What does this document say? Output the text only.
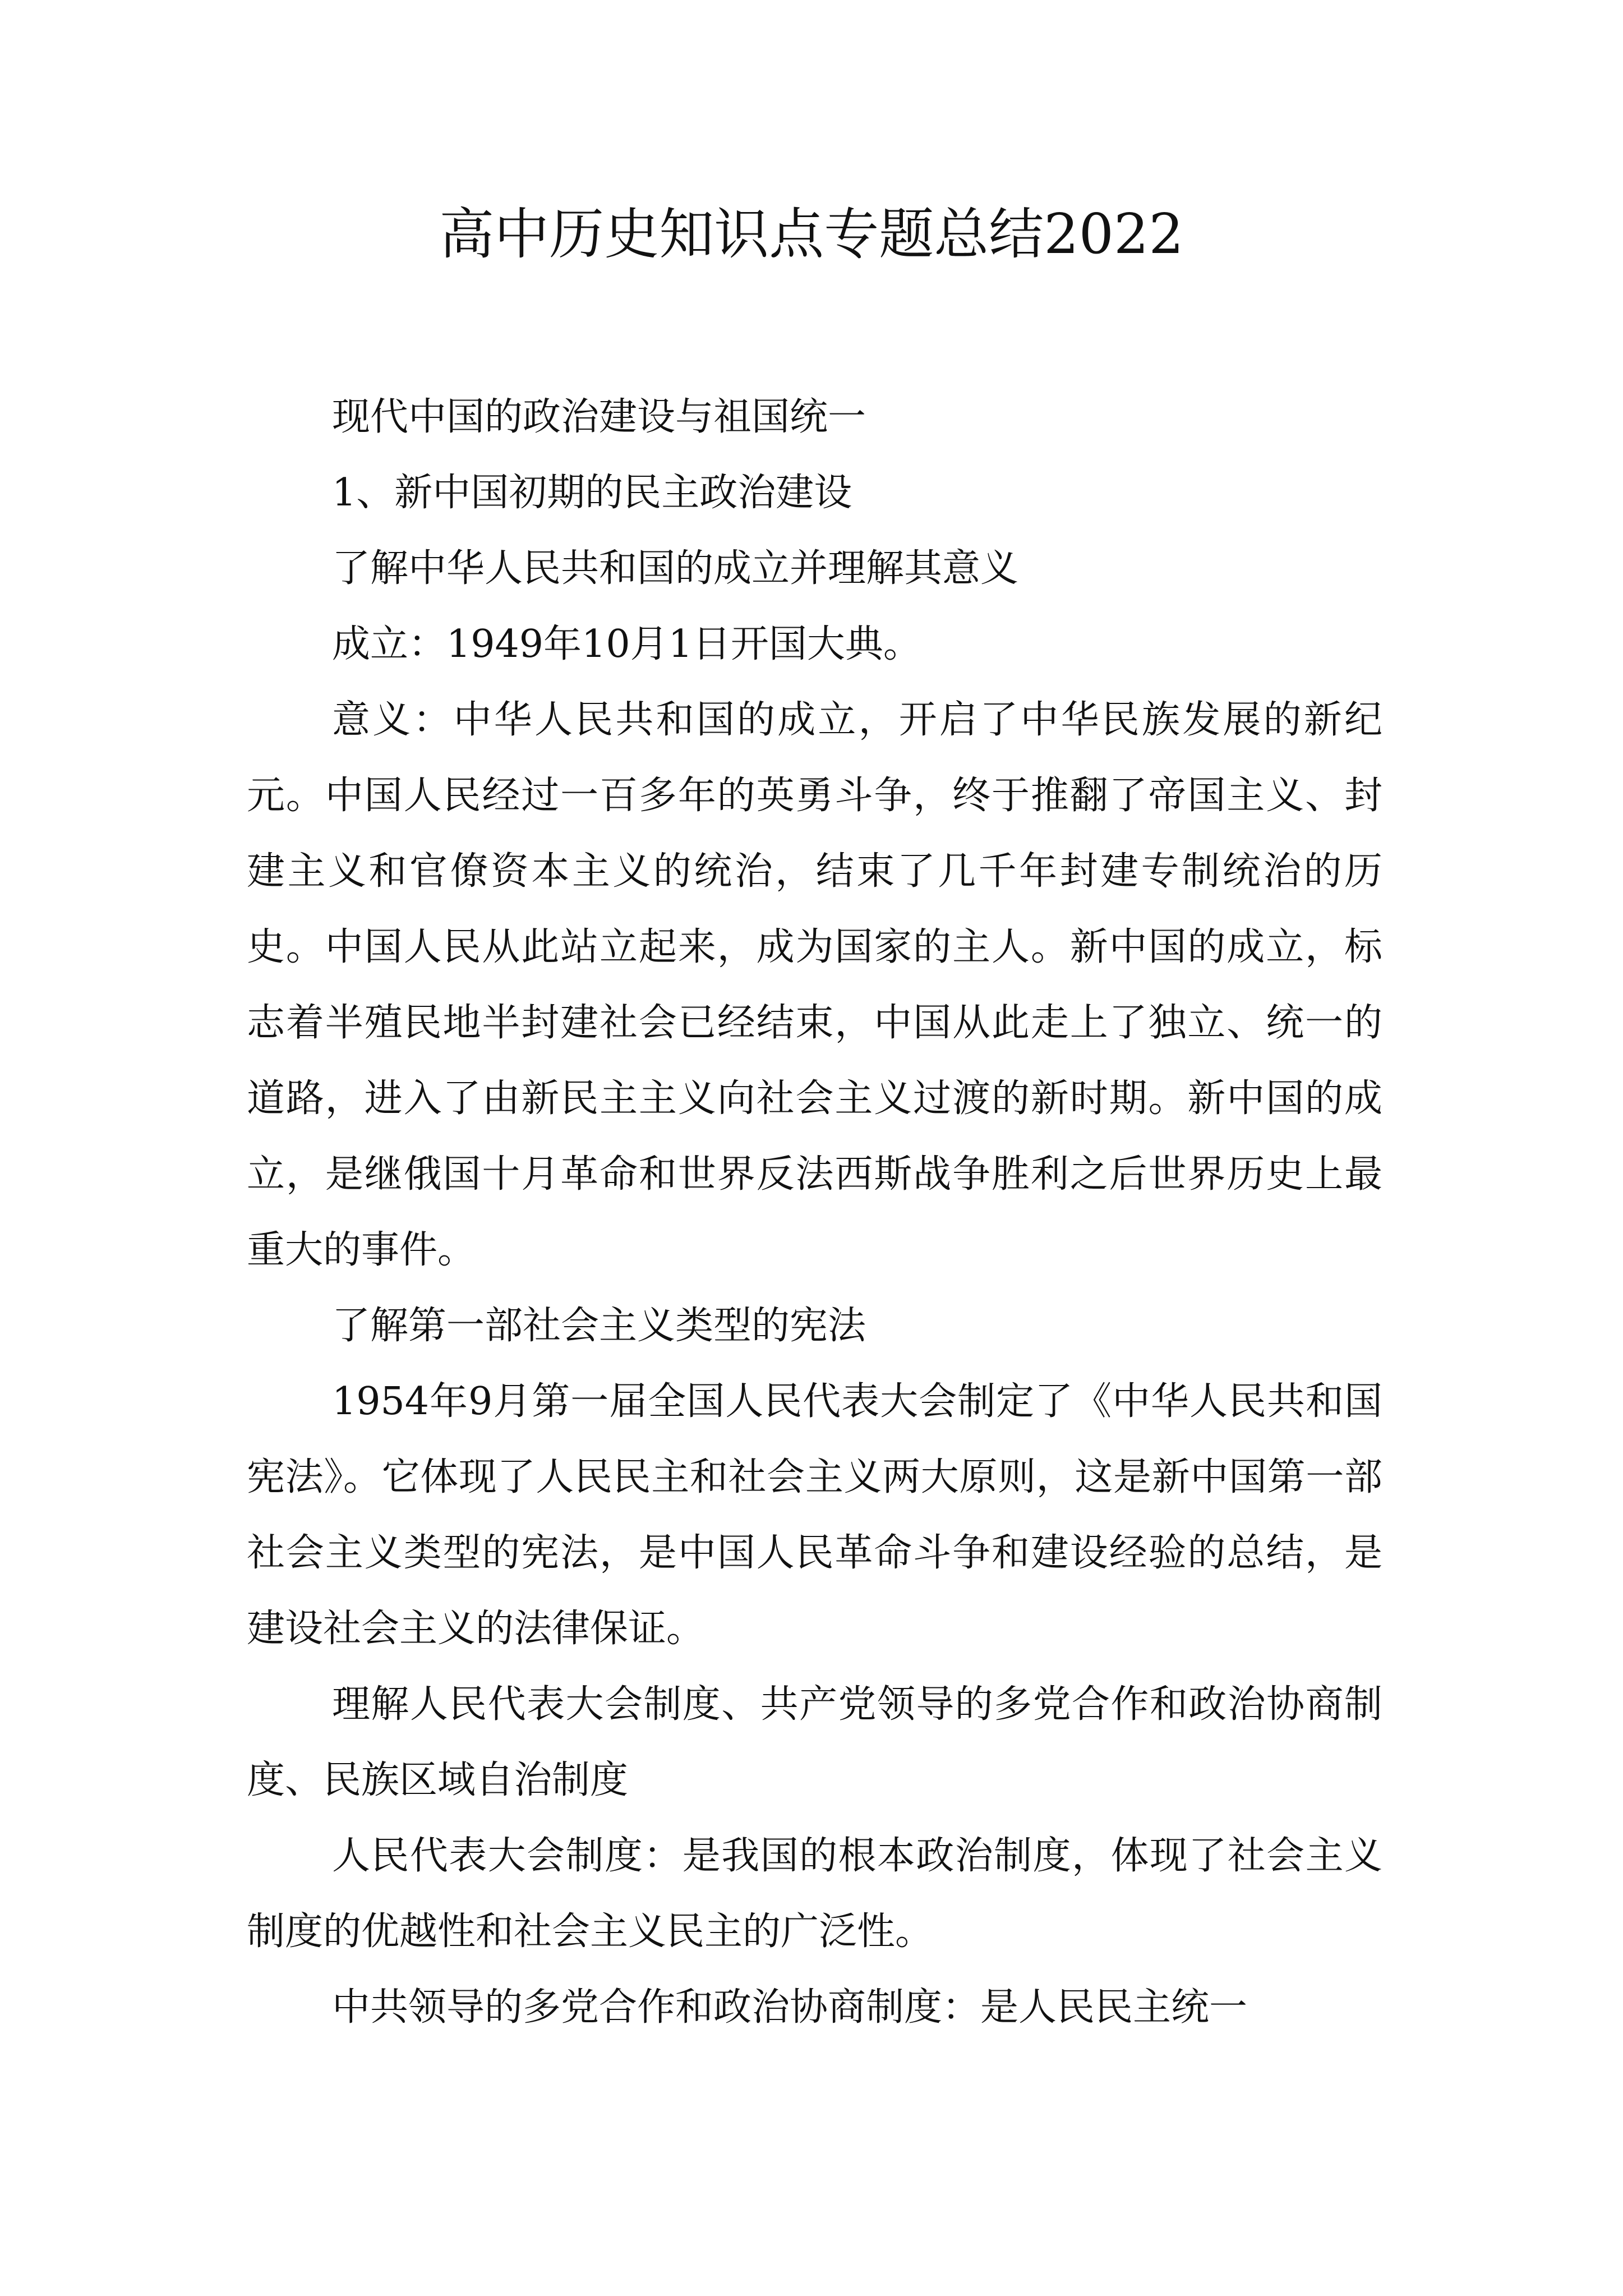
高中历史知识点专题总结2022

现代中国的政治建设与祖国统一

1、新中国初期的民主政治建设

了解中华人民共和国的成立并理解其意义

成立：1949年10月1日开国大典。

意义：中华人民共和国的成立，开启了中华民族发展的新纪元。中国人民经过一百多年的英勇斗争，终于推翻了帝国主义、封建主义和官僚资本主义的统治，结束了几千年封建专制统治的历史。中国人民从此站立起来，成为国家的主人。新中国的成立，标志着半殖民地半封建社会已经结束，中国从此走上了独立、统一的道路，进入了由新民主主义向社会主义过渡的新时期。新中国的成立，是继俄国十月革命和世界反法西斯战争胜利之后世界历史上最重大的事件。

了解第一部社会主义类型的宪法

1954年9月第一届全国人民代表大会制定了《中华人民共和国宪法》。它体现了人民民主和社会主义两大原则，这是新中国第一部社会主义类型的宪法，是中国人民革命斗争和建设经验的总结，是建设社会主义的法律保证。

理解人民代表大会制度、共产党领导的多党合作和政治协商制度、民族区域自治制度

人民代表大会制度：是我国的根本政治制度，体现了社会主义制度的优越性和社会主义民主的广泛性。

中共领导的多党合作和政治协商制度：是人民民主统一
